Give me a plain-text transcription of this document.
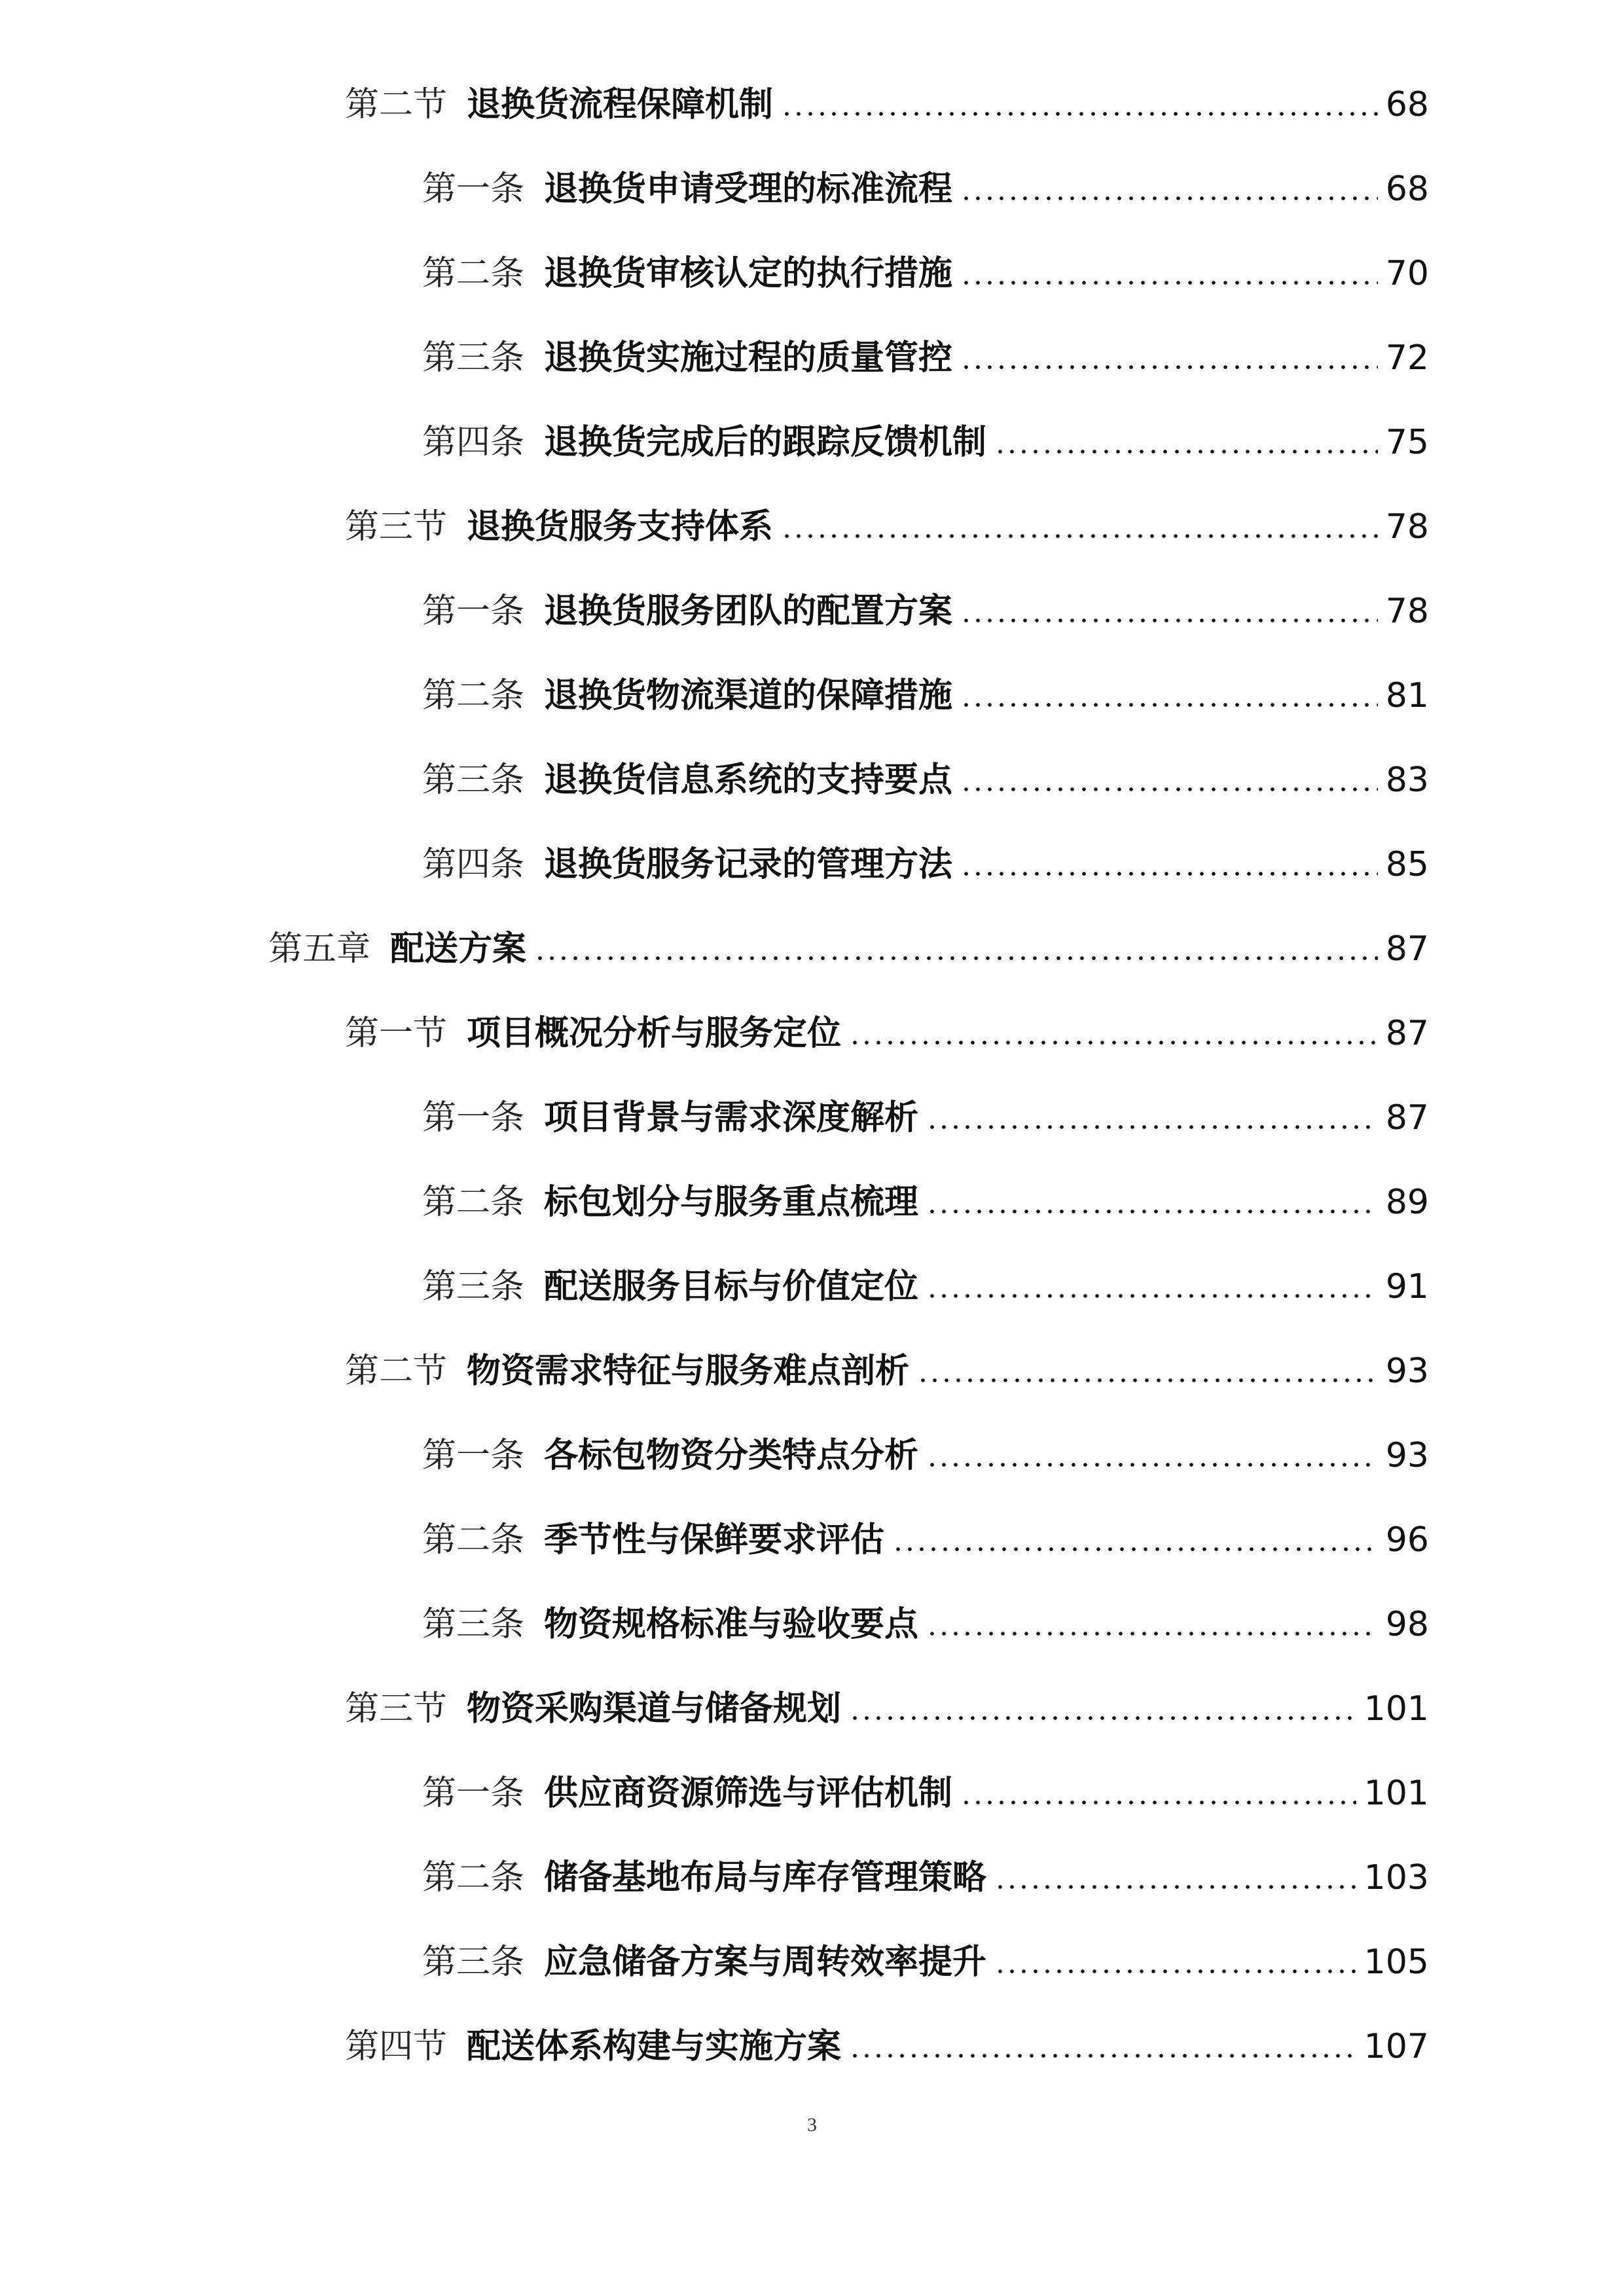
第二节 退换货流程保障机制	68
第一条 退换货申请受理的标准流程	68
第二条 退换货审核认定的执行措施	70
第三条 退换货实施过程的质量管控	72
第四条 退换货完成后的跟踪反馈机制	75
第三节 退换货服务支持体系	78
第一条 退换货服务团队的配置方案	78
第二条 退换货物流渠道的保障措施	81
第三条 退换货信息系统的支持要点	83
第四条 退换货服务记录的管理方法	85
第五章 配送方案	87
第一节 项目概况分析与服务定位	87
第一条 项目背景与需求深度解析	87
第二条 标包划分与服务重点梳理	89
第三条 配送服务目标与价值定位	91
第二节 物资需求特征与服务难点剖析	93
第一条 各标包物资分类特点分析	93
第二条 季节性与保鲜要求评估	96
第三条 物资规格标准与验收要点	98
第三节 物资采购渠道与储备规划	101
第一条 供应商资源筛选与评估机制	101
第二条 储备基地布局与库存管理策略	103
第三条 应急储备方案与周转效率提升	105
第四节 配送体系构建与实施方案	107
3
